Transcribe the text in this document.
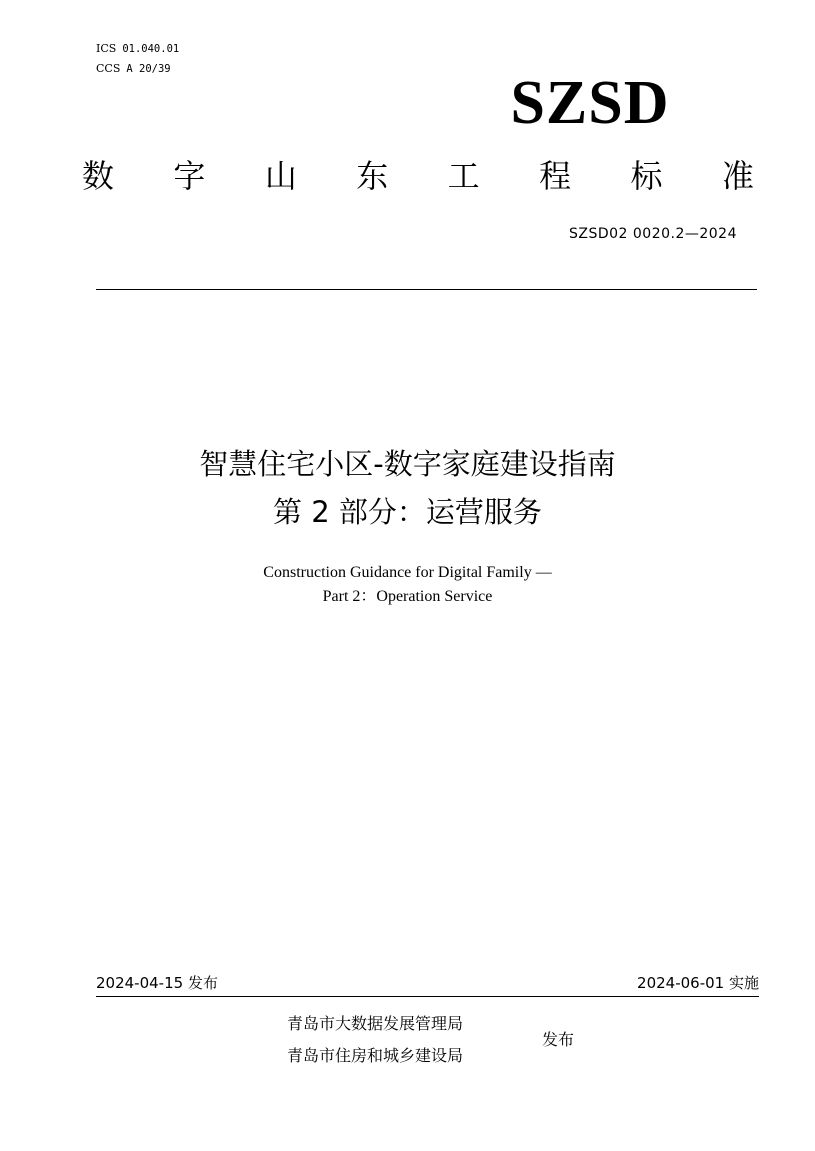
ICS 01.040.01
CCS A 20/39	SZSD
数 字 山 东 工 程 标 准
SZSD02 0020.2—2024
智慧住宅小区-数字家庭建设指南
第 2 部分：运营服务
Construction Guidance for Digital Family —
Part 2：Operation Service
2024-04-15 发布	2024-06-01 实施
青岛市大数据发展管理局
青岛市住房和城乡建设局
发布
